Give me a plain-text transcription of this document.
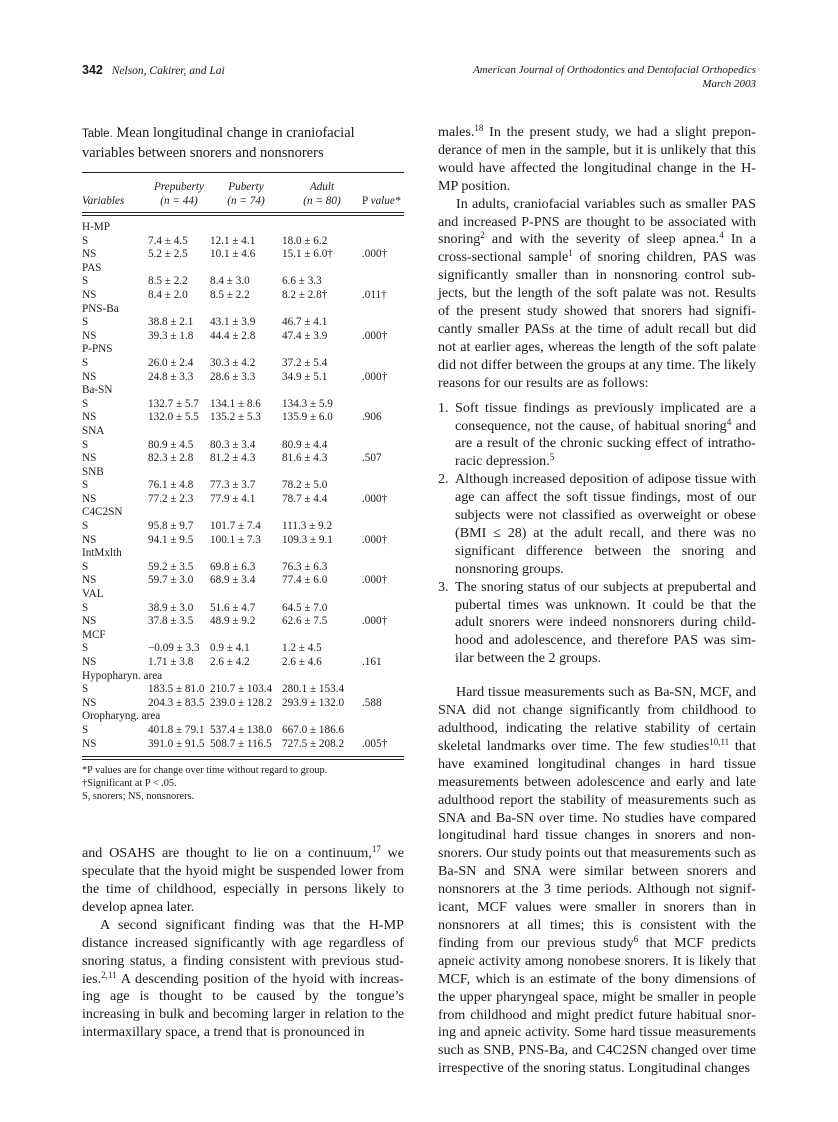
342 Nelson, Cakirer, and Lai	American Journal of Orthodontics and Dentofacial Orthopedics
March 2003

Table. Mean longitudinal change in craniofacial variables between snorers and nonsnorers

Variables	
Prepuberty
(n = 44)

Puberty
(n = 74)

Adult
(n = 80)	P value*

H-MP				
S	7.4 ± 4.5	12.1 ± 4.1	18.0 ± 6.2	
NS	5.2 ± 2.5	10.1 ± 4.6	15.1 ± 6.0†	.000†
PAS				
S	8.5 ± 2.2	8.4 ± 3.0	6.6 ± 3.3	
NS	8.4 ± 2.0	8.5 ± 2.2	8.2 ± 2.8†	.011†
PNS-Ba				
S	38.8 ± 2.1	43.1 ± 3.9	46.7 ± 4.1	
NS	39.3 ± 1.8	44.4 ± 2.8	47.4 ± 3.9	.000†
P-PNS				
S	26.0 ± 2.4	30.3 ± 4.2	37.2 ± 5.4	
NS	24.8 ± 3.3	28.6 ± 3.3	34.9 ± 5.1	.000†
Ba-SN				
S	132.7 ± 5.7	134.1 ± 8.6	134.3 ± 5.9	
NS	132.0 ± 5.5	135.2 ± 5.3	135.9 ± 6.0	.906
SNA				
S	80.9 ± 4.5	80.3 ± 3.4	80.9 ± 4.4	
NS	82.3 ± 2.8	81.2 ± 4.3	81.6 ± 4.3	.507
SNB				
S	76.1 ± 4.8	77.3 ± 3.7	78.2 ± 5.0	
NS	77.2 ± 2.3	77.9 ± 4.1	78.7 ± 4.4	.000†
C4C2SN				
S	95.8 ± 9.7	101.7 ± 7.4	111.3 ± 9.2	
NS	94.1 ± 9.5	100.1 ± 7.3	109.3 ± 9.1	.000†
IntMxlth				
S	59.2 ± 3.5	69.8 ± 6.3	76.3 ± 6.3	
NS	59.7 ± 3.0	68.9 ± 3.4	77.4 ± 6.0	.000†
VAL				
S	38.9 ± 3.0	51.6 ± 4.7	64.5 ± 7.0	
NS	37.8 ± 3.5	48.9 ± 9.2	62.6 ± 7.5	.000†
MCF				
S	−0.09 ± 3.3	0.9 ± 4.1	1.2 ± 4.5	
NS	1.71 ± 3.8	2.6 ± 4.2	2.6 ± 4.6	.161
Hypopharyn. area				
S	183.5 ± 81.0	210.7 ± 103.4	280.1 ± 153.4	
NS	204.3 ± 83.5	239.0 ± 128.2	293.9 ± 132.0	.588
Oropharyng. area				
S	401.8 ± 79.1	537.4 ± 138.0	667.0 ± 186.6	
NS	391.0 ± 91.5	508.7 ± 116.5	727.5 ± 208.2	.005†
*P values are for change over time without regard to group.
†Significant at P < .05.
S, snorers; NS, nonsnorers.

and OSAHS are thought to lie on a continuum,$^{17}$ we speculate that the hyoid might be suspended lower from the time of childhood, especially in persons likely to develop apnea later.

A second significant finding was that the H-MP distance increased significantly with age regardless of snoring status, a finding consistent with previous stud ies.$^{2,11}$ A descending position of the hyoid with increas ing age is thought to be caused by the tongue’s increasing in bulk and becoming larger in relation to the intermaxillary space, a trend that is pronounced in

males.$^{18}$ In the present study, we had a slight prepon derance of men in the sample, but it is unlikely that this would have affected the longitudinal change in the H-MP position.

In adults, craniofacial variables such as smaller PAS and increased P-PNS are thought to be associated with snoring$^2$ and with the severity of sleep apnea.$^4$ In a cross-sectional sample$^1$ of snoring children, PAS was significantly smaller than in nonsnoring control sub jects, but the length of the soft palate was not. Results of the present study showed that snorers had signifi cantly smaller PASs at the time of adult recall but did not at earlier ages, whereas the length of the soft palate did not differ between the groups at any time. The likely reasons for our results are as follows:

1. Soft tissue findings as previously implicated are a consequence, not the cause, of habitual snoring$^4$ and are a result of the chronic sucking effect of intratho racic depression.$^5$
2. Although increased deposition of adipose tissue with age can affect the soft tissue findings, most of our subjects were not classified as overweight or obese (BMI ≤ 28) at the adult recall, and there was no significant difference between the snoring and nonsnoring groups.
3. The snoring status of our subjects at prepubertal and pubertal times was unknown. It could be that the adult snorers were indeed nonsnorers during child hood and adolescence, and therefore PAS was sim ilar between the 2 groups.

Hard tissue measurements such as Ba-SN, MCF, and SNA did not change significantly from childhood to adulthood, indicating the relative stability of certain skeletal landmarks over time. The few studies$^{10,11}$ that have examined longitudinal changes in hard tissue measurements between adolescence and early and late adulthood report the stability of measurements such as SNA and Ba-SN over time. No studies have compared longitudinal hard tissue changes in snorers and non snorers. Our study points out that measurements such as Ba-SN and SNA were similar between snorers and nonsnorers at the 3 time periods. Although not signif icant, MCF values were smaller in snorers than in nonsnorers at all times; this is consistent with the finding from our previous study$^6$ that MCF predicts apneic activity among nonobese snorers. It is likely that MCF, which is an estimate of the bony dimensions of the upper pharyngeal space, might be smaller in people from childhood and might predict future habitual snor ing and apneic activity. Some hard tissue measurements such as SNB, PNS-Ba, and C4C2SN changed over time irrespective of the snoring status. Longitudinal changes
